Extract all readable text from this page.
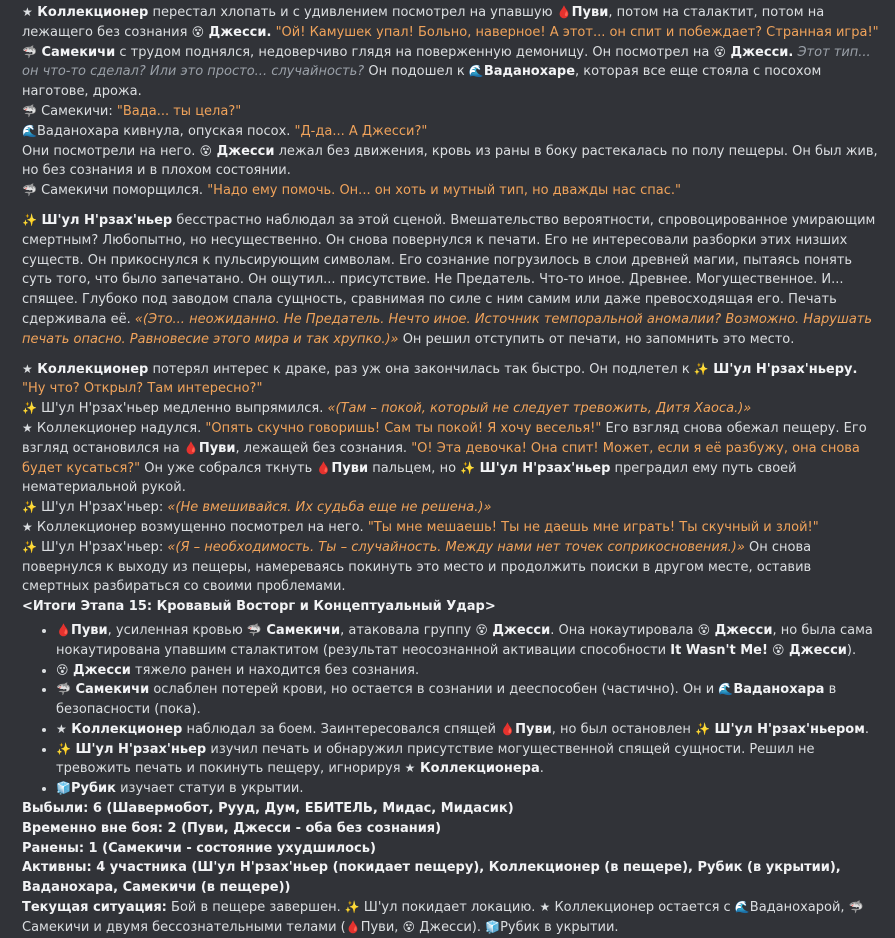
★ Коллекционер перестал хлопать и с удивлением посмотрел на упавшую 🩸Пуви, потом на сталактит, потом на лежащего без сознания 😵 Джесси. "Ой! Камушек упал! Больно, наверное! А этот... он спит и побеждает? Странная игра!"

🦈 Самекичи с трудом поднялся, недоверчиво глядя на поверженную демоницу. Он посмотрел на 😵 Джесси. Этот тип... он что-то сделал? Или это просто... случайность? Он подошел к 🌊Ваданохаре, которая все еще стояла с посохом наготове, дрожа.

🦈 Самекичи: "Вада... ты цела?"

🌊Ваданохара кивнула, опуская посох. "Д-да... А Джесси?"

Они посмотрели на него. 😵 Джесси лежал без движения, кровь из раны в боку растекалась по полу пещеры. Он был жив, но без сознания и в плохом состоянии.

🦈 Самекичи поморщился. "Надо ему помочь. Он... он хоть и мутный тип, но дважды нас спас."

✨ Ш'ул Н'рзах'ньер бесстрастно наблюдал за этой сценой. Вмешательство вероятности, спровоцированное умирающим смертным? Любопытно, но несущественно. Он снова повернулся к печати. Его не интересовали разборки этих низших существ. Он прикоснулся к пульсирующим символам. Его сознание погрузилось в слои древней магии, пытаясь понять суть того, что было запечатано. Он ощутил... присутствие. Не Предатель. Что-то иное. Древнее. Могущественное. И... спящее. Глубоко под заводом спала сущность, сравнимая по силе с ним самим или даже превосходящая его. Печать сдерживала её. «(Это... неожиданно. Не Предатель. Нечто иное. Источник темпоральной аномалии? Возможно. Нарушать печать опасно. Равновесие этого мира и так хрупко.)» Он решил отступить от печати, но запомнить это место.

★ Коллекционер потерял интерес к драке, раз уж она закончилась так быстро. Он подлетел к ✨ Ш'ул Н'рзах'ньеру. "Ну что? Открыл? Там интересно?"

✨ Ш'ул Н'рзах'ньер медленно выпрямился. «(Там – покой, который не следует тревожить, Дитя Хаоса.)»

★ Коллекционер надулся. "Опять скучно говоришь! Сам ты покой! Я хочу веселья!" Его взгляд снова обежал пещеру. Его взгляд остановился на 🩸Пуви, лежащей без сознания. "О! Эта девочка! Она спит! Может, если я её разбужу, она снова будет кусаться?" Он уже собрался ткнуть 🩸Пуви пальцем, но ✨ Ш'ул Н'рзах'ньер преградил ему путь своей нематериальной рукой.

✨ Ш'ул Н'рзах'ньер: «(Не вмешивайся. Их судьба еще не решена.)»

★ Коллекционер возмущенно посмотрел на него. "Ты мне мешаешь! Ты не даешь мне играть! Ты скучный и злой!"

✨ Ш'ул Н'рзах'ньер: «(Я – необходимость. Ты – случайность. Между нами нет точек соприкосновения.)» Он снова повернулся к выходу из пещеры, намереваясь покинуть это место и продолжить поиски в другом месте, оставив смертных разбираться со своими проблемами.

<Итоги Этапа 15: Кровавый Восторг и Концептуальный Удар>

• 🩸Пуви, усиленная кровью 🦈 Самекичи, атаковала группу 😵 Джесси. Она нокаутировала 😵 Джесси, но была сама нокаутирована упавшим сталактитом (результат неосознанной активации способности It Wasn't Me! 😵 Джесси).
• 😵 Джесси тяжело ранен и находится без сознания.
• 🦈 Самекичи ослаблен потерей крови, но остается в сознании и дееспособен (частично). Он и 🌊Ваданохара в безопасности (пока).
• ★ Коллекционер наблюдал за боем. Заинтересовался спящей 🩸Пуви, но был остановлен ✨ Ш'ул Н'рзах'ньером.
• ✨ Ш'ул Н'рзах'ньер изучил печать и обнаружил присутствие могущественной спящей сущности. Решил не тревожить печать и покинуть пещеру, игнорируя ★ Коллекционера.
• 🧊Рубик изучает статуи в укрытии.

Выбыли: 6 (Шавермобот, Рууд, Дум, ЕБИТЕЛЬ, Мидас, Мидасик)

Временно вне боя: 2 (Пуви, Джесси - оба без сознания)

Ранены: 1 (Самекичи - состояние ухудшилось)

Активны: 4 участника (Ш'ул Н'рзах'ньер (покидает пещеру), Коллекционер (в пещере), Рубик (в укрытии), Ваданохара, Самекичи (в пещере))

Текущая ситуация: Бой в пещере завершен. ✨ Ш'ул покидает локацию. ★ Коллекционер остается с 🌊Ваданохарой, 🦈 Самекичи и двумя бессознательными телами (🩸Пуви, 😵 Джесси). 🧊Рубик в укрытии.
